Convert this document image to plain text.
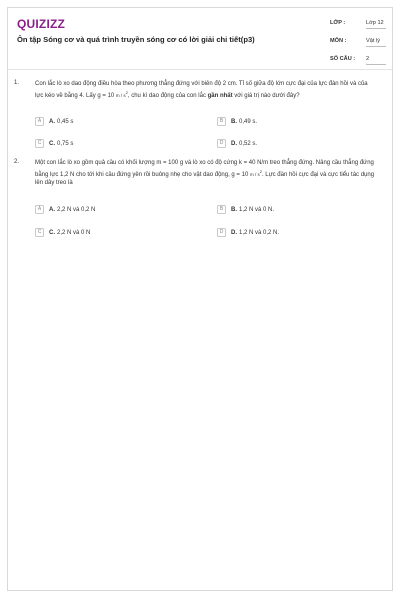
QUIZIZZ
Ôn tập Sóng cơ và quá trình truyền sóng cơ có lời giải chi tiết(p3)
LỚP :	Lớp 12
MÔN :	Vật lý
SỐ CÂU : 2
1.	Con lắc lò xo dao động điều hòa theo phương thẳng đứng với biên độ 2 cm. Tỉ số giữa độ lớn cực đại của lực đàn hồi và của lực kéo về bằng 4. Lấy g = 10 m / $s^2$, chu kì dao động của con lắc gần nhất với giá trị nào dưới đây?
A	A. 0,45 s	B	B. 0,49 s.
C	C. 0,75 s	D	D. 0,52 s.
2.	Một con lắc lò xo gồm quả cầu có khối lượng m = 100 g và lò xo có độ cứng k = 40 N/m treo thẳng đứng. Nâng cầu thẳng đứng bằng lực 1,2 N cho tới khi cầu đứng yên rồi buông nhẹ cho vật dao động, g = 10 m / $s^2$. Lực đàn hồi cực đại và cực tiểu tác dụng lên dây treo là
A	A. 2,2 N và 0,2 N	B	B. 1,2 N và 0 N.
C	C. 2,2 N và 0 N	D	D. 1,2 N và 0,2 N.
